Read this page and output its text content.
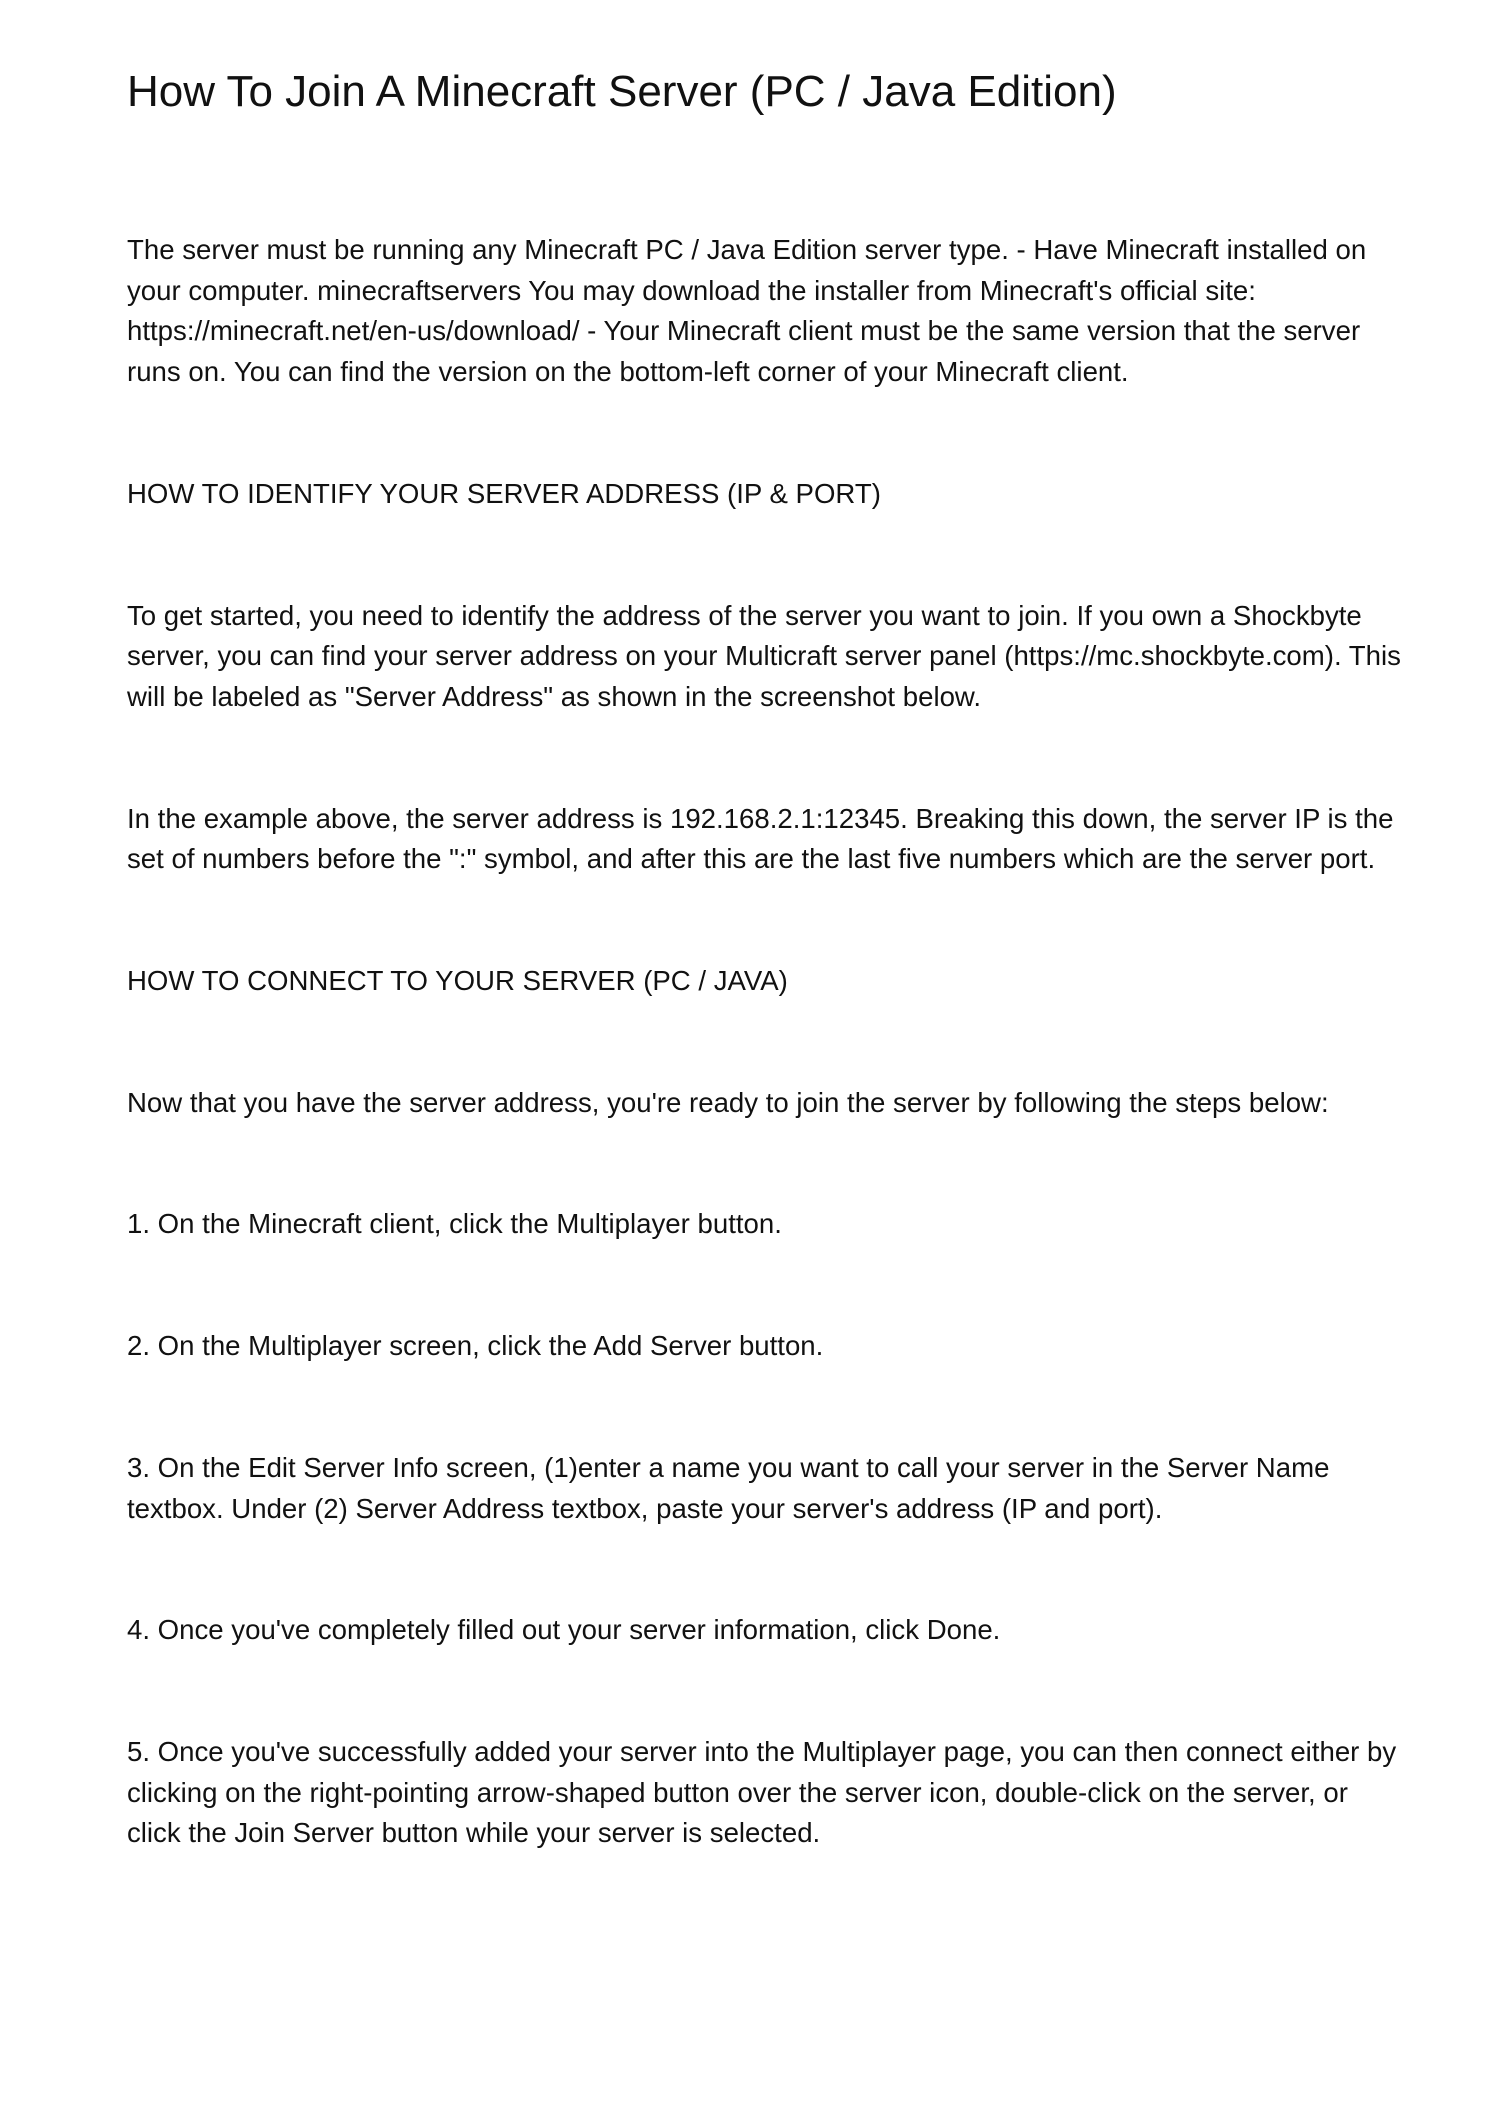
How To Join A Minecraft Server (PC / Java Edition)

The server must be running any Minecraft PC / Java Edition server type. - Have Minecraft installed on your computer. minecraftservers You may download the installer from Minecraft's official site: https://minecraft.net/en-us/download/ - Your Minecraft client must be the same version that the server runs on. You can find the version on the bottom-left corner of your Minecraft client.

HOW TO IDENTIFY YOUR SERVER ADDRESS (IP & PORT)

To get started, you need to identify the address of the server you want to join. If you own a Shockbyte server, you can find your server address on your Multicraft server panel (https://mc.shockbyte.com). This will be labeled as "Server Address" as shown in the screenshot below.

In the example above, the server address is 192.168.2.1:12345. Breaking this down, the server IP is the set of numbers before the ":" symbol, and after this are the last five numbers which are the server port.

HOW TO CONNECT TO YOUR SERVER (PC / JAVA)

Now that you have the server address, you're ready to join the server by following the steps below:

1. On the Minecraft client, click the Multiplayer button.

2. On the Multiplayer screen, click the Add Server button.

3. On the Edit Server Info screen, (1)enter a name you want to call your server in the Server Name textbox. Under (2) Server Address textbox, paste your server's address (IP and port).

4. Once you've completely filled out your server information, click Done.

5. Once you've successfully added your server into the Multiplayer page, you can then connect either by clicking on the right-pointing arrow-shaped button over the server icon, double-click on the server, or click the Join Server button while your server is selected.
